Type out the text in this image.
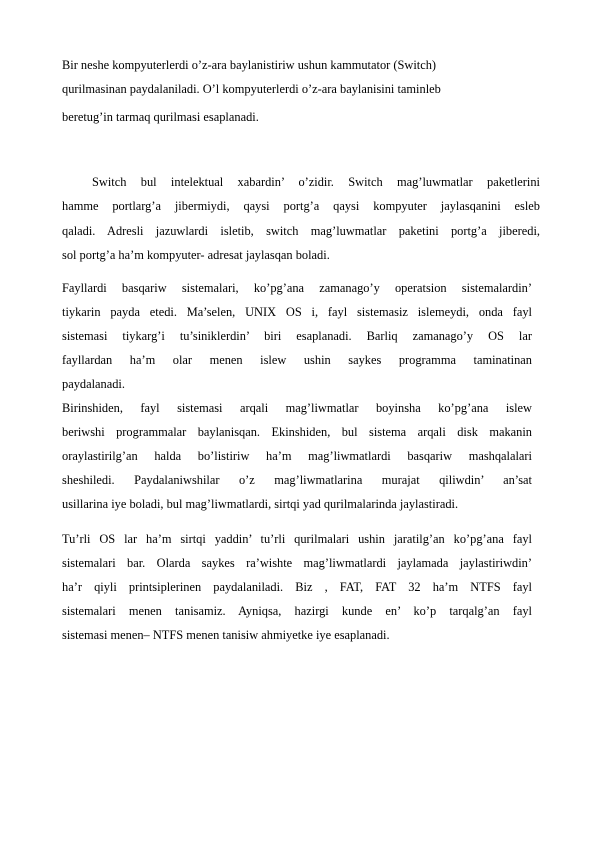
Bir neshe kompyuterlerdi o’z-ara baylanistiriw ushun kammutator (Switch)
qurilmasinan paydalaniladi. O’l kompyuterlerdi o’z-ara baylanisini taminleb
beretug’in tarmaq qurilmasi esaplanadi.
Switch bul intelektual xabardin’ o’zidir. Switch mag’luwmatlar paketlerini
hamme portlarg’a jibermiydi, qaysi portg’a qaysi kompyuter jaylasqanini esleb
qaladi. Adresli jazuwlardi isletib, switch mag’luwmatlar paketini portg’a jiberedi,
sol portg’a ha’m kompyuter- adresat jaylasqan boladi.
Fayllardi basqariw sistemalari, ko’pg’ana zamanago’y operatsion sistemalardin’
tiykarin payda etedi. Ma’selen, UNIX OS i, fayl sistemasiz islemeydi, onda fayl
sistemasi tiykarg’i tu’siniklerdin’ biri esaplanadi. Barliq zamanago’y OS lar
fayllardan ha’m olar menen islew ushin saykes programma taminatinan
paydalanadi.
Birinshiden, fayl sistemasi arqali mag’liwmatlar boyinsha ko’pg’ana islew
beriwshi programmalar baylanisqan. Ekinshiden, bul sistema arqali disk makanin
oraylastirilg’an halda bo’listiriw ha’m mag’liwmatlardi basqariw mashqalalari
sheshiledi. Paydalaniwshilar o’z mag’liwmatlarina murajat qiliwdin’ an’sat
usillarina iye boladi, bul mag’liwmatlardi, sirtqi yad qurilmalarinda jaylastiradi.
Tu’rli OS lar ha’m sirtqi yaddin’ tu’rli qurilmalari ushin jaratilg’an ko’pg’ana fayl
sistemalari bar. Olarda saykes ra’wishte mag’liwmatlardi jaylamada jaylastiriwdin’
ha’r qiyli printsiplerinen paydalaniladi. Biz , FAT, FAT 32 ha’m NTFS fayl
sistemalari menen tanisamiz. Ayniqsa, hazirgi kunde en’ ko’p tarqalg’an fayl
sistemasi menen– NTFS menen tanisiw ahmiyetke iye esaplanadi.
